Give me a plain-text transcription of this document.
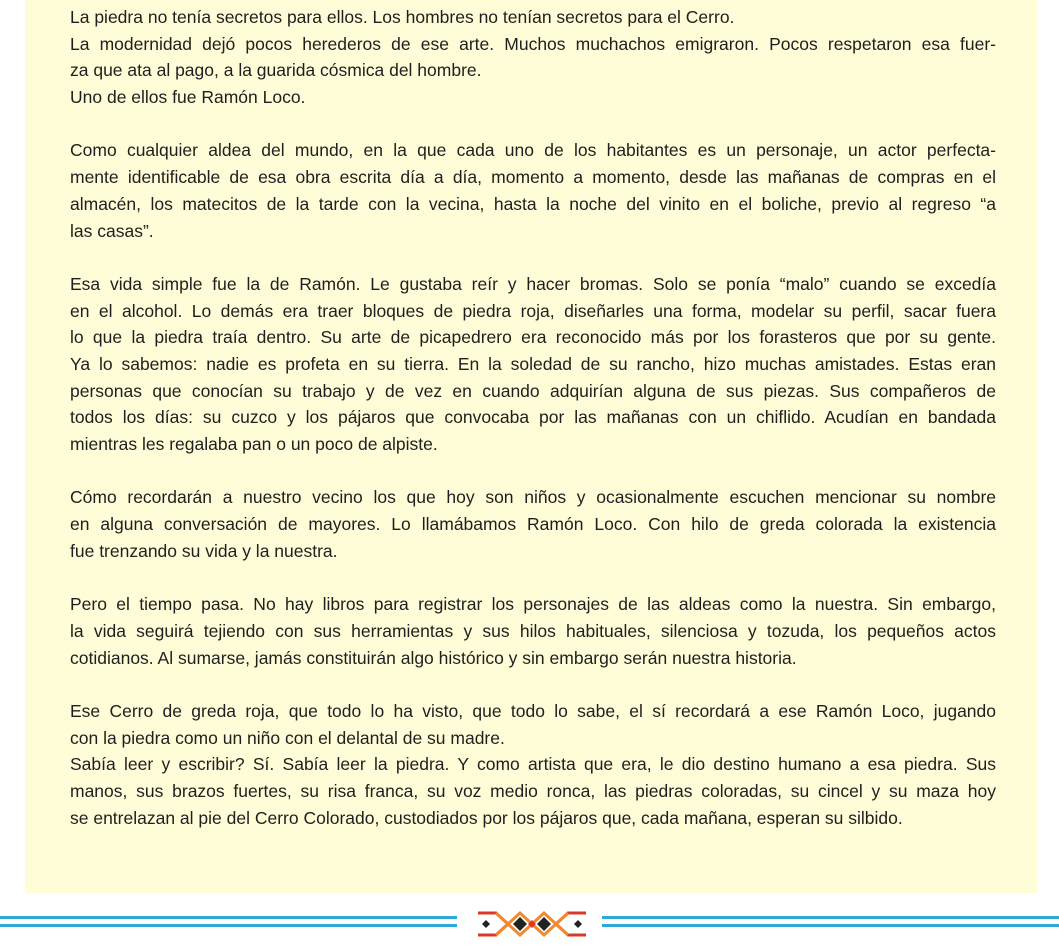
La piedra no tenía secretos para ellos. Los hombres no tenían secretos para el Cerro.
La modernidad dejó pocos herederos de ese arte. Muchos muchachos emigraron. Pocos respetaron esa fuer-
za que ata al pago, a la guarida cósmica del hombre.
Uno de ellos fue Ramón Loco.
Como cualquier aldea del mundo, en la que cada uno de los habitantes es un personaje, un actor perfecta-
mente identificable de esa obra escrita día a día, momento a momento, desde las mañanas de compras en el
almacén, los matecitos de la tarde con la vecina, hasta la noche del vinito en el boliche, previo al regreso “a
las casas”.
Esa vida simple fue la de Ramón. Le gustaba reír y hacer bromas. Solo se ponía “malo” cuando se excedía
en el alcohol. Lo demás era traer bloques de piedra roja, diseñarles una forma, modelar su perfil, sacar fuera
lo que la piedra traía dentro. Su arte de picapedrero era reconocido más por los forasteros que por su gente.
Ya lo sabemos: nadie es profeta en su tierra. En la soledad de su rancho, hizo muchas amistades. Estas eran
personas que conocían su trabajo y de vez en cuando adquirían alguna de sus piezas. Sus compañeros de
todos los días: su cuzco y los pájaros que convocaba por las mañanas con un chiflido. Acudían en bandada
mientras les regalaba pan o un poco de alpiste.
Cómo recordarán a nuestro vecino los que hoy son niños y ocasionalmente escuchen mencionar su nombre
en alguna conversación de mayores. Lo llamábamos Ramón Loco. Con hilo de greda colorada la existencia
fue trenzando su vida y la nuestra.
Pero el tiempo pasa. No hay libros para registrar los personajes de las aldeas como la nuestra. Sin embargo,
la vida seguirá tejiendo con sus herramientas y sus hilos habituales, silenciosa y tozuda, los pequeños actos
cotidianos. Al sumarse, jamás constituirán algo histórico y sin embargo serán nuestra historia.
Ese Cerro de greda roja, que todo lo ha visto, que todo lo sabe, el sí recordará a ese Ramón Loco, jugando
con la piedra como un niño con el delantal de su madre.
Sabía leer y escribir? Sí. Sabía leer la piedra. Y como artista que era, le dio destino humano a esa piedra. Sus
manos, sus brazos fuertes, su risa franca, su voz medio ronca, las piedras coloradas, su cincel y su maza hoy
se entrelazan al pie del Cerro Colorado, custodiados por los pájaros que, cada mañana, esperan su silbido.
